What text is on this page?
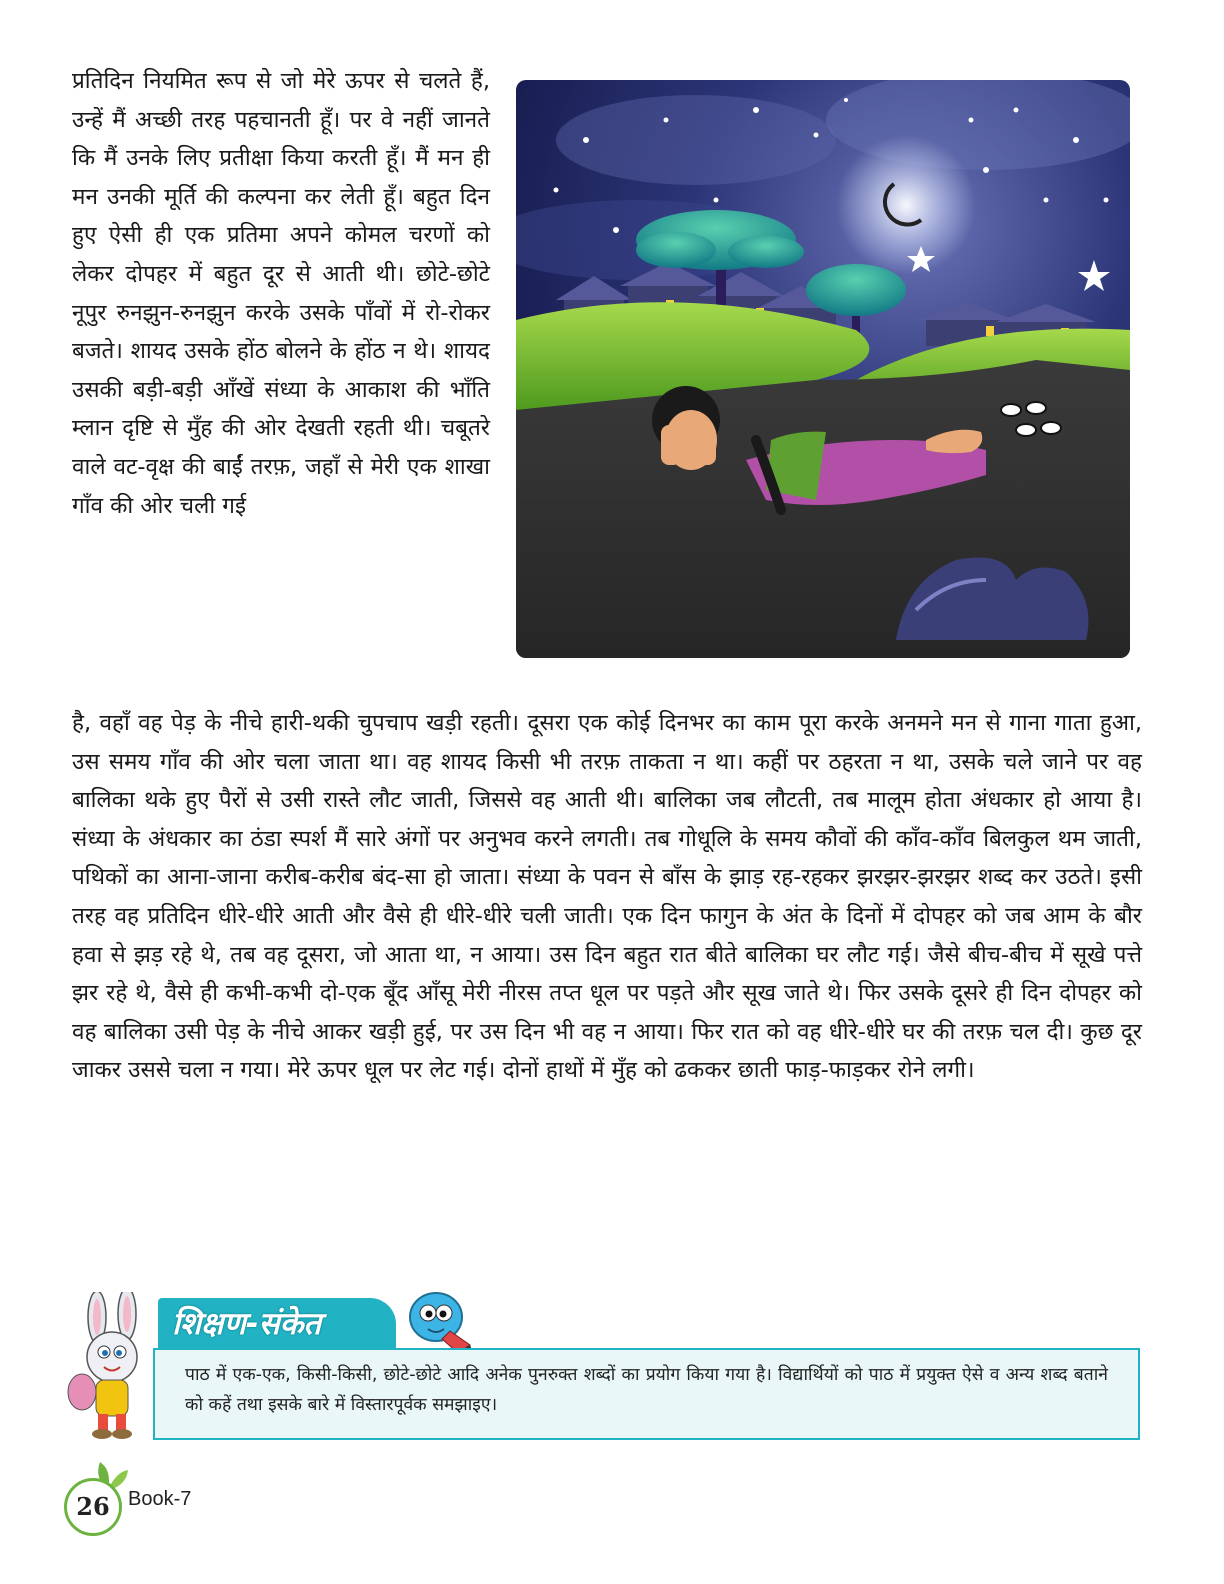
प्रतिदिन नियमित रूप से जो मेरे ऊपर से चलते हैं, उन्हें मैं अच्छी तरह पहचानती हूँ। पर वे नहीं जानते कि मैं उनके लिए प्रतीक्षा किया करती हूँ। मैं मन ही मन उनकी मूर्ति की कल्पना कर लेती हूँ। बहुत दिन हुए ऐसी ही एक प्रतिमा अपने कोमल चरणों को लेकर दोपहर में बहुत दूर से आती थी। छोटे-छोटे नूपुर रुनझुन-रुनझुन करके उसके पाँवों में रो-रोकर बजते। शायद उसके होंठ बोलने के होंठ न थे। शायद उसकी बड़ी-बड़ी आँखें संध्या के आकाश की भाँति म्लान दृष्टि से मुँह की ओर देखती रहती थी। चबूतरे वाले वट-वृक्ष की बाईं तरफ़, जहाँ से मेरी एक शाखा गाँव की ओर चली गई

है, वहाँ वह पेड़ के नीचे हारी-थकी चुपचाप खड़ी रहती। दूसरा एक कोई दिनभर का काम पूरा करके अनमने मन से गाना गाता हुआ, उस समय गाँव की ओर चला जाता था। वह शायद किसी भी तरफ़ ताकता न था। कहीं पर ठहरता न था, उसके चले जाने पर वह बालिका थके हुए पैरों से उसी रास्ते लौट जाती, जिससे वह आती थी। बालिका जब लौटती, तब मालूम होता अंधकार हो आया है। संध्या के अंधकार का ठंडा स्पर्श मैं सारे अंगों पर अनुभव करने लगती। तब गोधूलि के समय कौवों की काँव-काँव बिलकुल थम जाती, पथिकों का आना-जाना करीब-करीब बंद-सा हो जाता। संध्या के पवन से बाँस के झाड़ रह-रहकर झरझर-झरझर शब्द कर उठते। इसी तरह वह प्रतिदिन धीरे-धीरे आती और वैसे ही धीरे-धीरे चली जाती। एक दिन फागुन के अंत के दिनों में दोपहर को जब आम के बौर हवा से झड़ रहे थे, तब वह दूसरा, जो आता था, न आया। उस दिन बहुत रात बीते बालिका घर लौट गई। जैसे बीच-बीच में सूखे पत्ते झर रहे थे, वैसे ही कभी-कभी दो-एक बूँद आँसू मेरी नीरस तप्त धूल पर पड़ते और सूख जाते थे। फिर उसके दूसरे ही दिन दोपहर को वह बालिका उसी पेड़ के नीचे आकर खड़ी हुई, पर उस दिन भी वह न आया। फिर रात को वह धीरे-धीरे घर की तरफ़ चल दी। कुछ दूर जाकर उससे चला न गया। मेरे ऊपर धूल पर लेट गई। दोनों हाथों में मुँह को ढककर छाती फाड़-फाड़कर रोने लगी।

शिक्षण-संकेत

पाठ में एक-एक, किसी-किसी, छोटे-छोटे आदि अनेक पुनरुक्त शब्दों का प्रयोग किया गया है। विद्यार्थियों को पाठ में प्रयुक्त ऐसे व अन्य शब्द बताने को कहें तथा इसके बारे में विस्तारपूर्वक समझाइए।

26 Book-7
